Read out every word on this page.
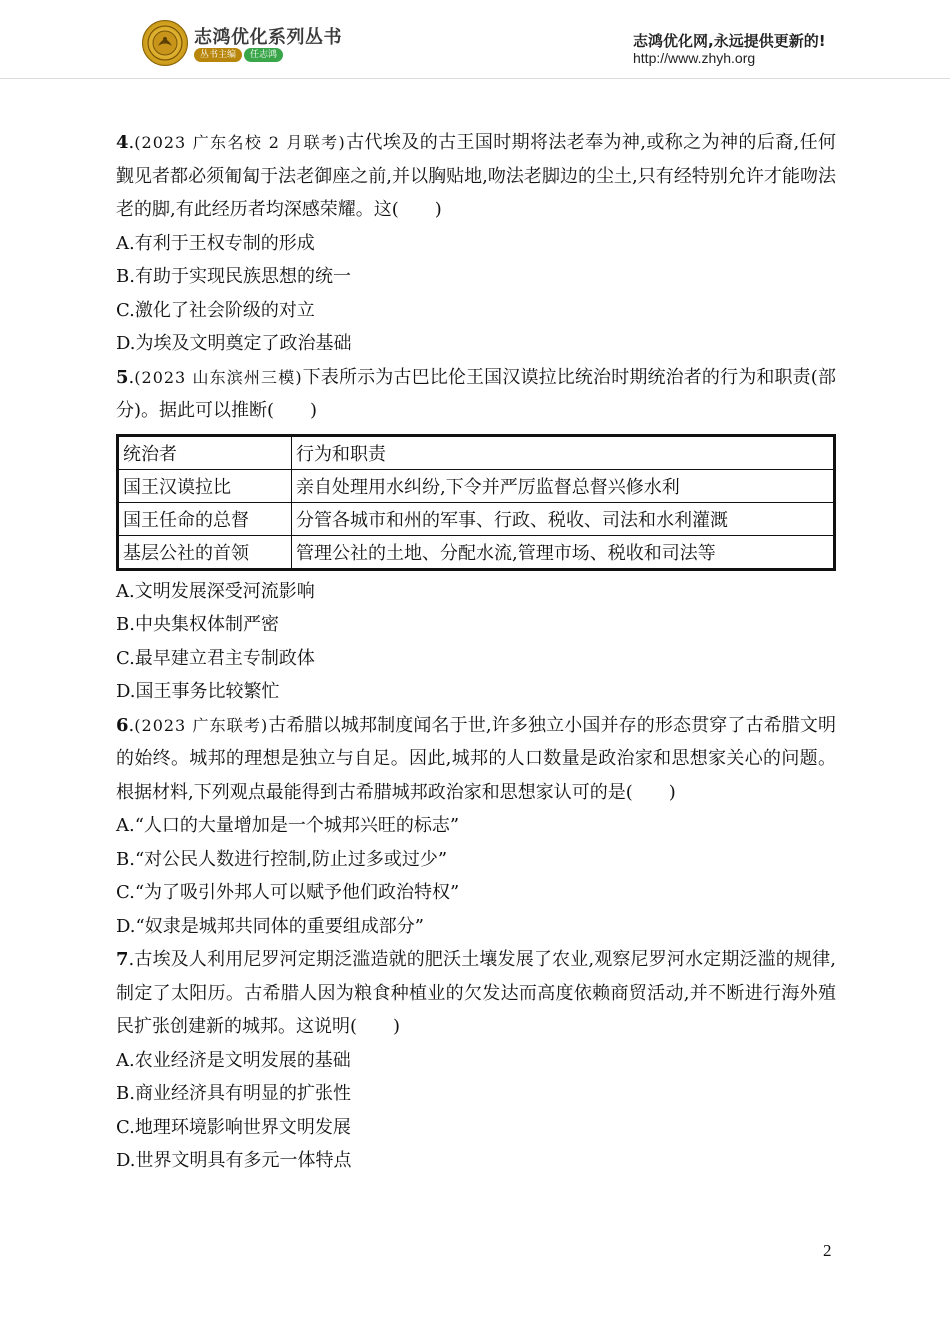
志鸿优化系列丛书
丛书主编 任志鸿
志鸿优化网,永远提供更新的!
http://www.zhyh.org
4.(2023 广东名校 2 月联考)古代埃及的古王国时期将法老奉为神,或称之为神的后裔,任何觐见者都必须匍匐于法老御座之前,并以胸贴地,吻法老脚边的尘土,只有经特别允许才能吻法老的脚,有此经历者均深感荣耀。这(　　)
A.有利于王权专制的形成
B.有助于实现民族思想的统一
C.激化了社会阶级的对立
D.为埃及文明奠定了政治基础
5.(2023 山东滨州三模)下表所示为古巴比伦王国汉谟拉比统治时期统治者的行为和职责(部分)。据此可以推断(　　)
统治者	行为和职责
国王汉谟拉比	亲自处理用水纠纷,下令并严厉监督总督兴修水利
国王任命的总督	分管各城市和州的军事、行政、税收、司法和水利灌溉
基层公社的首领	管理公社的土地、分配水流,管理市场、税收和司法等
A.文明发展深受河流影响
B.中央集权体制严密
C.最早建立君主专制政体
D.国王事务比较繁忙
6.(2023 广东联考)古希腊以城邦制度闻名于世,许多独立小国并存的形态贯穿了古希腊文明的始终。城邦的理想是独立与自足。因此,城邦的人口数量是政治家和思想家关心的问题。根据材料,下列观点最能得到古希腊城邦政治家和思想家认可的是(　　)
A.“人口的大量增加是一个城邦兴旺的标志”
B.“对公民人数进行控制,防止过多或过少”
C.“为了吸引外邦人可以赋予他们政治特权”
D.“奴隶是城邦共同体的重要组成部分”
7.古埃及人利用尼罗河定期泛滥造就的肥沃土壤发展了农业,观察尼罗河水定期泛滥的规律,制定了太阳历。古希腊人因为粮食种植业的欠发达而高度依赖商贸活动,并不断进行海外殖民扩张创建新的城邦。这说明(　　)
A.农业经济是文明发展的基础
B.商业经济具有明显的扩张性
C.地理环境影响世界文明发展
D.世界文明具有多元一体特点
2
